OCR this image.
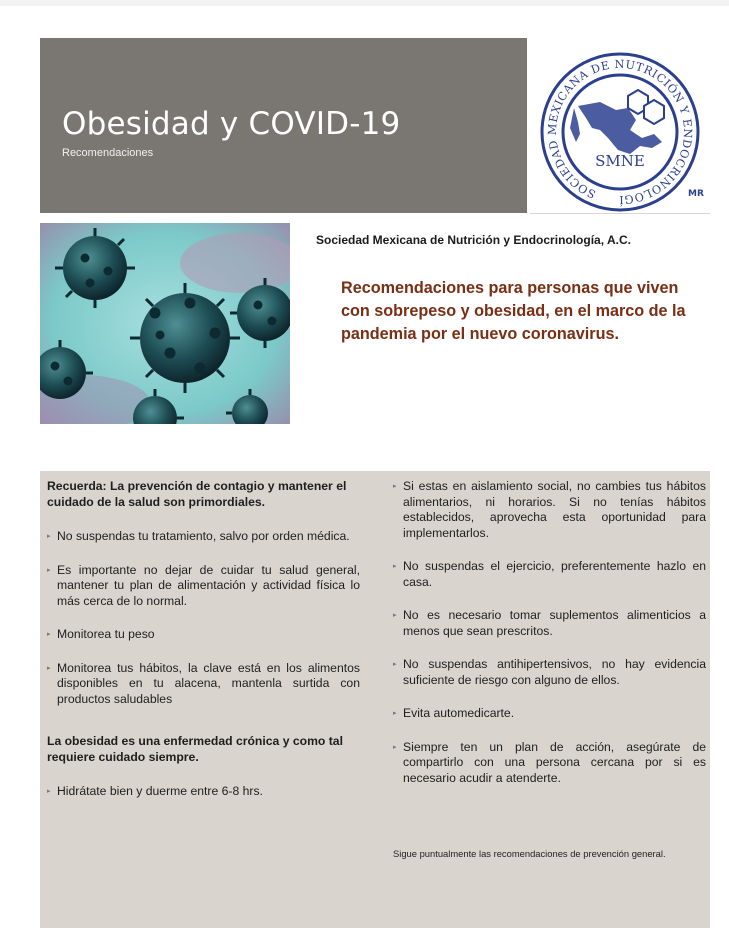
Obesidad y COVID-19
Recomendaciones
SOCIEDAD MEXICANA DE NUTRICIÓN Y ENDOCRINOLOGÍ
SMNE
MR
Sociedad Mexicana de Nutrición y Endocrinología, A.C.
Recomendaciones para personas que viven con sobrepeso y obesidad, en el marco de la pandemia por el nuevo coronavirus.

Recuerda: La prevención de contagio y mantener el cuidado de la salud son primordiales.

▸ No suspendas tu tratamiento, salvo por orden médica.
▸ Es importante no dejar de cuidar tu salud general, mantener tu plan de alimentación y actividad física lo más cerca de lo normal.
▸ Monitorea tu peso
▸ Monitorea tus hábitos, la clave está en los alimentos disponibles en tu alacena, mantenla surtida con productos saludables

La obesidad es una enfermedad crónica y como tal requiere cuidado siempre.

▸ Hidrátate bien y duerme entre 6-8 hrs.
▸ Si estas en aislamiento social, no cambies tus hábitos alimentarios, ni horarios. Si no tenías hábitos establecidos, aprovecha esta oportunidad para implementarlos.
▸ No suspendas el ejercicio, preferentemente hazlo en casa.
▸ No es necesario tomar suplementos alimenticios a menos que sean prescritos.
▸ No suspendas antihipertensivos, no hay evidencia suficiente de riesgo con alguno de ellos.
▸ Evita automedicarte.
▸ Siempre ten un plan de acción, asegúrate de compartirlo con una persona cercana por si es necesario acudir a atenderte.
Sigue puntualmente las recomendaciones de prevención general.
